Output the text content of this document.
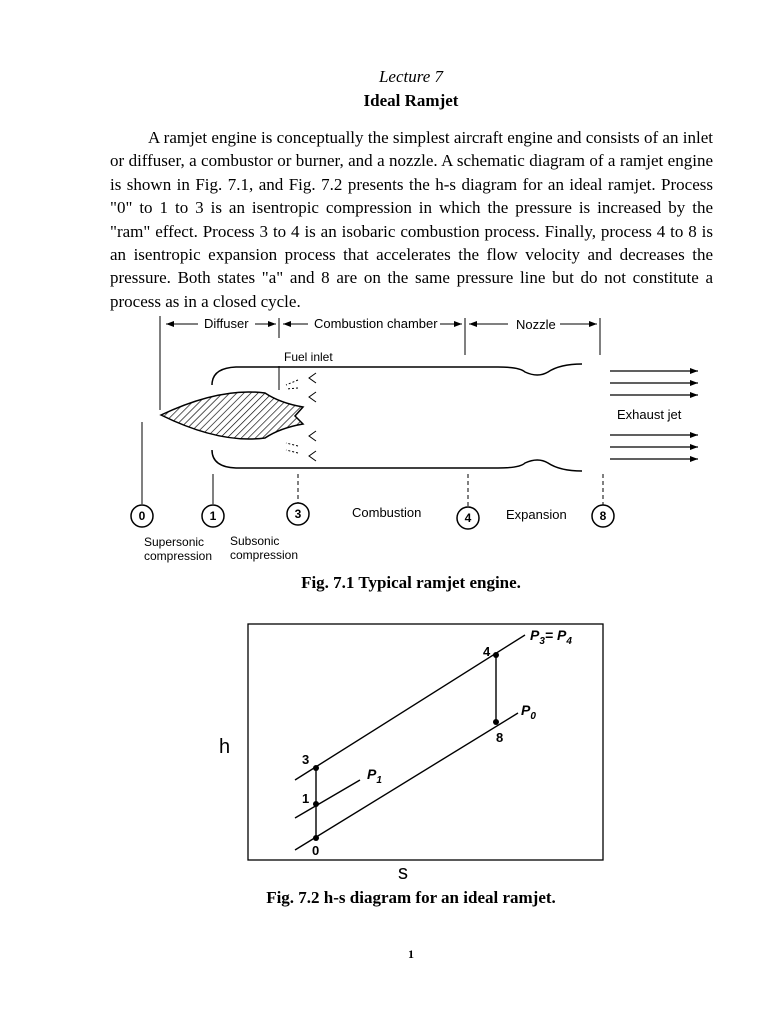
Lecture 7
Ideal Ramjet

A ramjet engine is conceptually the simplest aircraft engine and consists of an inlet or diffuser, a combustor or burner, and a nozzle. A schematic diagram of a ramjet engine is shown in Fig. 7.1, and Fig. 7.2 presents the h-s diagram for an ideal ramjet. Process "0" to 1 to 3 is an isentropic compression in which the pressure is increased by the "ram" effect. Process 3 to 4 is an isobaric combustion process. Finally, process 4 to 8 is an isentropic expansion process that accelerates the flow velocity and decreases the pressure. Both states "a" and 8 are on the same pressure line but do not constitute a process as in a closed cycle.

Diffuser	Combustion chamber	Nozzle
Fuel inlet
Exhaust jet
0	1	3	4	8
Combustion	Expansion
Supersonic
compression
Subsonic
compression
3
1
0
4
8
$P_1$
$P_0$
$P_3= P_4$
h
s
Fig. 7.1 Typical ramjet engine.
Fig. 7.2 h-s diagram for an ideal ramjet.
1
